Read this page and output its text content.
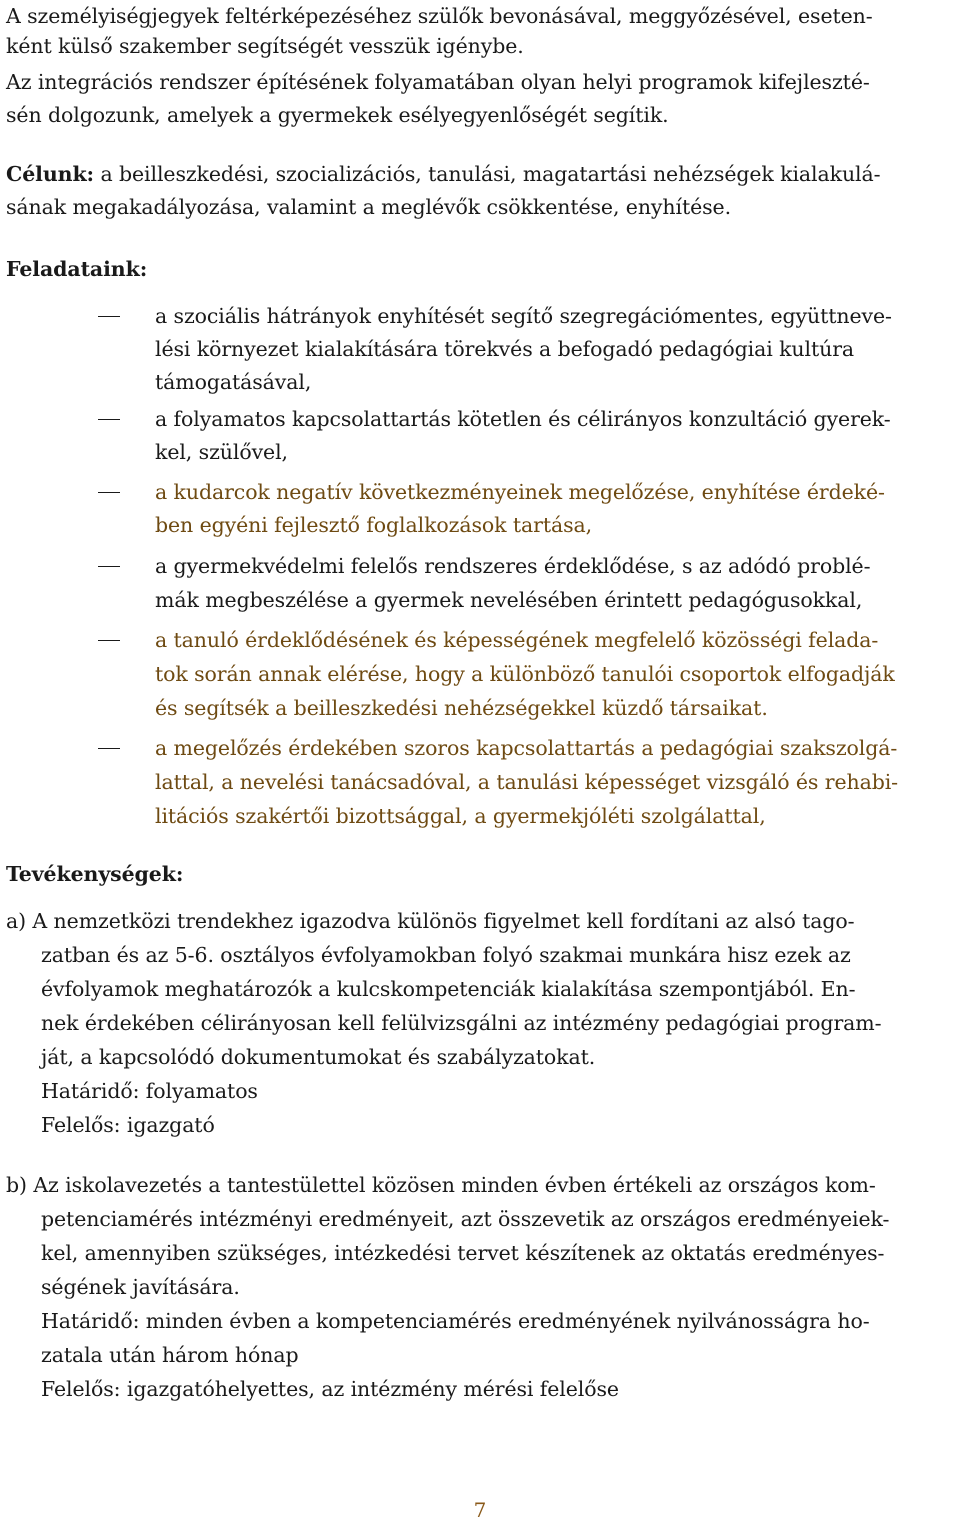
A személyiségjegyek feltérképezéséhez szülők bevonásával, meggyőzésével, eseten-
ként külső szakember segítségét vesszük igénybe.
Az integrációs rendszer építésének folyamatában olyan helyi programok kifejleszté-
sén dolgozunk, amelyek a gyermekek esélyegyenlőségét segítik.
Célunk: a beilleszkedési, szocializációs, tanulási, magatartási nehézségek kialakulá-
sának megakadályozása, valamint a meglévők csökkentése, enyhítése.
Feladataink:
a szociális hátrányok enyhítését segítő szegregációmentes, együttneve-
lési környezet kialakítására törekvés a befogadó pedagógiai kultúra
támogatásával,
a folyamatos kapcsolattartás kötetlen és célirányos konzultáció gyerek-
kel, szülővel,
a kudarcok negatív következményeinek megelőzése, enyhítése érdeké-
ben egyéni fejlesztő foglalkozások tartása,
a gyermekvédelmi felelős rendszeres érdeklődése, s az adódó problé-
mák megbeszélése a gyermek nevelésében érintett pedagógusokkal,
a tanuló érdeklődésének és képességének megfelelő közösségi felada-
tok során annak elérése, hogy a különböző tanulói csoportok elfogadják
és segítsék a beilleszkedési nehézségekkel küzdő társaikat.
a megelőzés érdekében szoros kapcsolattartás a pedagógiai szakszolgá-
lattal, a nevelési tanácsadóval, a tanulási képességet vizsgáló és rehabi-
litációs szakértői bizottsággal, a gyermekjóléti szolgálattal,
Tevékenységek:
a) A nemzetközi trendekhez igazodva különös figyelmet kell fordítani az alsó tago-
zatban és az 5-6. osztályos évfolyamokban folyó szakmai munkára hisz ezek az
évfolyamok meghatározók a kulcskompetenciák kialakítása szempontjából. En-
nek érdekében célirányosan kell felülvizsgálni az intézmény pedagógiai program-
ját, a kapcsolódó dokumentumokat és szabályzatokat.
Határidő: folyamatos
Felelős: igazgató
b) Az iskolavezetés a tantestülettel közösen minden évben értékeli az országos kom-
petenciamérés intézményi eredményeit, azt összevetik az országos eredményeiek-
kel, amennyiben szükséges, intézkedési tervet készítenek az oktatás eredményes-
ségének javítására.
Határidő: minden évben a kompetenciamérés eredményének nyilvánosságra ho-
zatala után három hónap
Felelős: igazgatóhelyettes, az intézmény mérési felelőse
7
